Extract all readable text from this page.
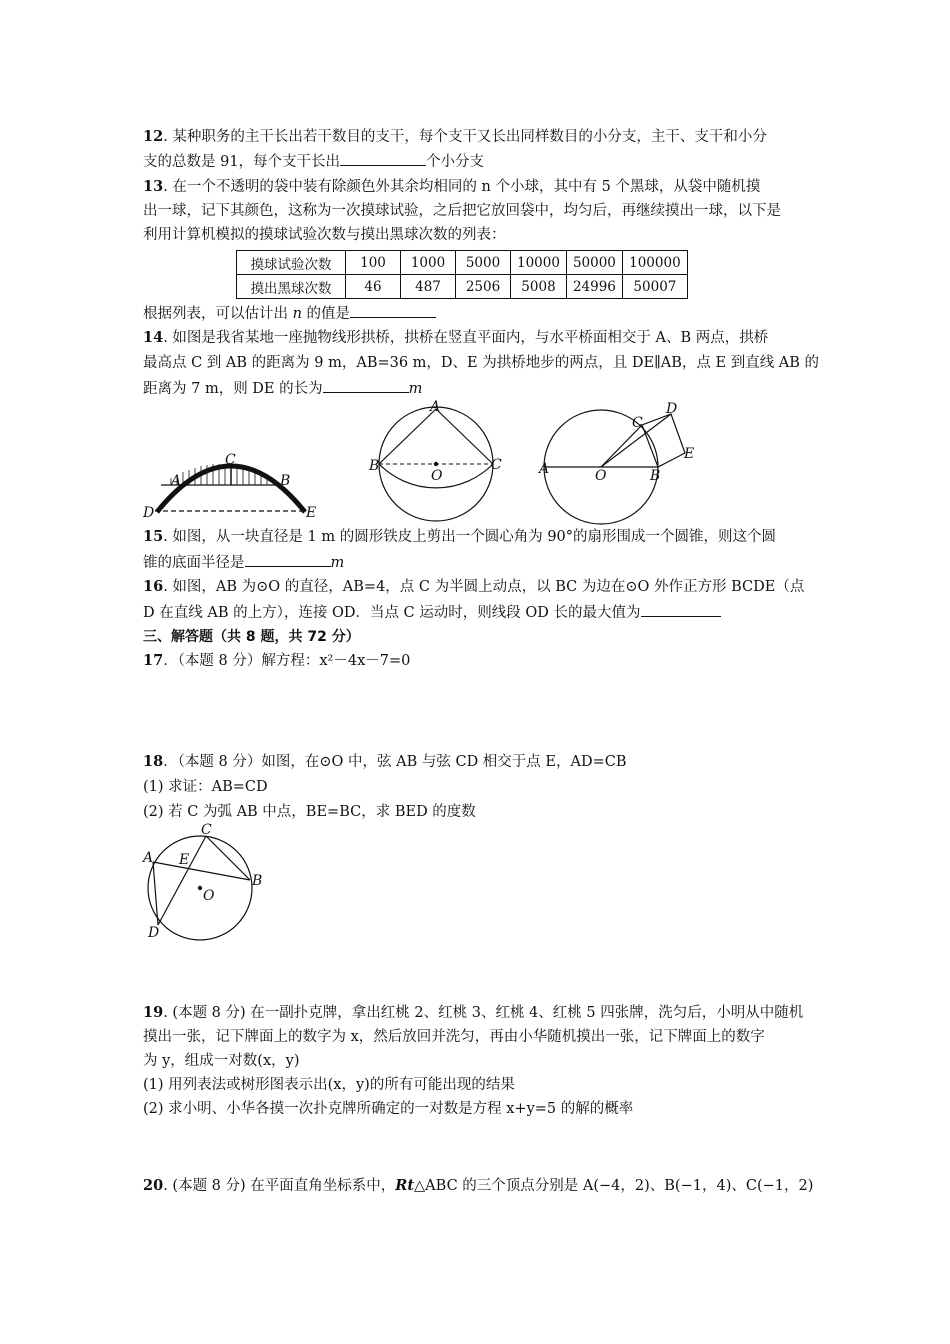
12. 某种职务的主干长出若干数目的支干，每个支干又长出同样数目的小分支，主干、支干和小分
支的总数是 91，每个支干长出	个小分支
13. 在一个不透明的袋中装有除颜色外其余均相同的 n 个小球，其中有 5 个黑球，从袋中随机摸
出一球，记下其颜色，这称为一次摸球试验，之后把它放回袋中，均匀后，再继续摸出一球，以下是
利用计算机模拟的摸球试验次数与摸出黑球次数的列表：
摸球试验次数	100	1000	5000	10000	50000	100000
摸出黑球次数	46	487	2506	5008	24996	50007
根据列表，可以估计出 n 的值是
14. 如图是我省某地一座抛物线形拱桥，拱桥在竖直平面内，与水平桥面相交于 A、B 两点，拱桥
最高点 C 到 AB 的距离为 9 m，AB=36 m，D、E 为拱桥地步的两点，且 DE∥AB，点 E 到直线 AB 的
距离为 7 m，则 DE 的长为	m
A	B
C
D	E
B
A
C
O	A	B
C
D
E
O
15. 如图，从一块直径是 1 m 的圆形铁皮上剪出一个圆心角为 90°的扇形围成一个圆锥，则这个圆
锥的底面半径是	m
16. 如图，AB 为⊙O 的直径，AB=4，点 C 为半圆上动点，以 BC 为边在⊙O 外作正方形 BCDE（点
D 在直线 AB 的上方），连接 OD．当点 C 运动时，则线段 OD 长的最大值为
三、解答题（共 8 题，共 72 分）
17．（本题 8 分）解方程：x²－4x－7=0
18．（本题 8 分）如图，在⊙O 中，弦 AB 与弦 CD 相交于点 E，AD=CB
(1) 求证：AB=CD
(2) 若 C 为弧 AB 中点，BE=BC，求 BED 的度数
A
B
C
D
E
O
19. (本题 8 分) 在一副扑克牌，拿出红桃 2、红桃 3、红桃 4、红桃 5 四张牌，洗匀后，小明从中随机
摸出一张，记下牌面上的数字为 x，然后放回并洗匀，再由小华随机摸出一张，记下牌面上的数字
为 y，组成一对数(x，y)
(1) 用列表法或树形图表示出(x，y)的所有可能出现的结果
(2) 求小明、小华各摸一次扑克牌所确定的一对数是方程 x+y=5 的解的概率
20. (本题 8 分) 在平面直角坐标系中，Rt△ABC 的三个顶点分别是 A(−4，2)、B(−1，4)、C(−1，2)
